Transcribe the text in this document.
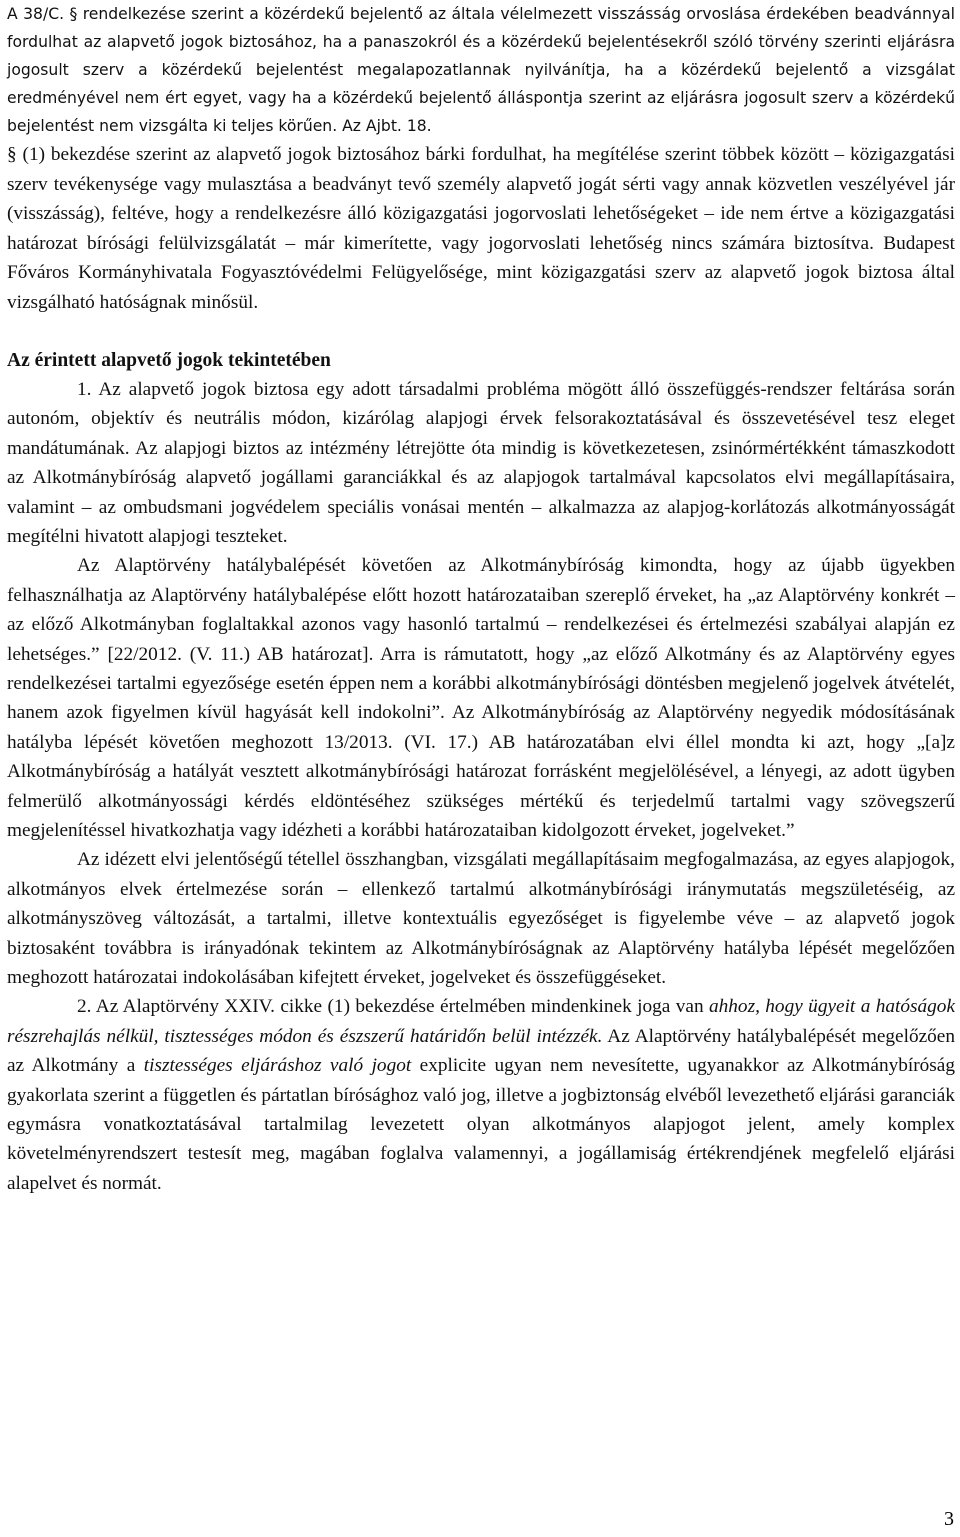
A 38/C. § rendelkezése szerint a közérdekű bejelentő az általa vélelmezett visszásság orvoslása érdekében beadvánnyal fordulhat az alapvető jogok biztosához, ha a panaszokról és a közérdekű bejelentésekről szóló törvény szerinti eljárásra jogosult szerv a közérdekű bejelentést megalapozatlannak nyilvánítja, ha a közérdekű bejelentő a vizsgálat eredményével nem ért egyet, vagy ha a közérdekű bejelentő álláspontja szerint az eljárásra jogosult szerv a közérdekű bejelentést nem vizsgálta ki teljes körűen. Az Ajbt. 18.

§ (1) bekezdése szerint az alapvető jogok biztosához bárki fordulhat, ha megítélése szerint többek között – közigazgatási szerv tevékenysége vagy mulasztása a beadványt tevő személy alapvető jogát sérti vagy annak közvetlen veszélyével jár (visszásság), feltéve, hogy a rendelkezésre álló közigazgatási jogorvoslati lehetőségeket – ide nem értve a közigazgatási határozat bírósági felülvizsgálatát – már kimerítette, vagy jogorvoslati lehetőség nincs számára biztosítva. Budapest Főváros Kormányhivatala Fogyasztóvédelmi Felügyelősége, mint közigazgatási szerv az alapvető jogok biztosa által vizsgálható hatóságnak minősül.

Az érintett alapvető jogok tekintetében

1. Az alapvető jogok biztosa egy adott társadalmi probléma mögött álló összefüggés-rendszer feltárása során autonóm, objektív és neutrális módon, kizárólag alapjogi érvek felsorakoztatásával és összevetésével tesz eleget mandátumának. Az alapjogi biztos az intézmény létrejötte óta mindig is következetesen, zsinórmértékként támaszkodott az Alkotmánybíróság alapvető jogállami garanciákkal és az alapjogok tartalmával kapcsolatos elvi megállapításaira, valamint – az ombudsmani jogvédelem speciális vonásai mentén – alkalmazza az alapjog-korlátozás alkotmányosságát megítélni hivatott alapjogi teszteket.

Az Alaptörvény hatálybalépését követően az Alkotmánybíróság kimondta, hogy az újabb ügyekben felhasználhatja az Alaptörvény hatálybalépése előtt hozott határozataiban szereplő érveket, ha „az Alaptörvény konkrét – az előző Alkotmányban foglaltakkal azonos vagy hasonló tartalmú – rendelkezései és értelmezési szabályai alapján ez lehetséges.” [22/2012. (V. 11.) AB határozat]. Arra is rámutatott, hogy „az előző Alkotmány és az Alaptörvény egyes rendelkezései tartalmi egyezősége esetén éppen nem a korábbi alkotmánybírósági döntésben megjelenő jogelvek átvételét, hanem azok figyelmen kívül hagyását kell indokolni”. Az Alkotmánybíróság az Alaptörvény negyedik módosításának hatályba lépését követően meghozott 13/2013. (VI. 17.) AB határozatában elvi éllel mondta ki azt, hogy „[a]z Alkotmánybíróság a hatályát vesztett alkotmánybírósági határozat forrásként megjelölésével, a lényegi, az adott ügyben felmerülő alkotmányossági kérdés eldöntéséhez szükséges mértékű és terjedelmű tartalmi vagy szövegszerű megjelenítéssel hivatkozhatja vagy idézheti a korábbi határozataiban kidolgozott érveket, jogelveket.”

Az idézett elvi jelentőségű tétellel összhangban, vizsgálati megállapításaim megfogalmazása, az egyes alapjogok, alkotmányos elvek értelmezése során – ellenkező tartalmú alkotmánybírósági iránymutatás megszületéséig, az alkotmányszöveg változását, a tartalmi, illetve kontextuális egyezőséget is figyelembe véve – az alapvető jogok biztosaként továbbra is irányadónak tekintem az Alkotmánybíróságnak az Alaptörvény hatályba lépését megelőzően meghozott határozatai indokolásában kifejtett érveket, jogelveket és összefüggéseket.

2. Az Alaptörvény XXIV. cikke (1) bekezdése értelmében mindenkinek joga van ahhoz, hogy ügyeit a hatóságok részrehajlás nélkül, tisztességes módon és észszerű határidőn belül intézzék. Az Alaptörvény hatálybalépését megelőzően az Alkotmány a tisztességes eljáráshoz való jogot explicite ugyan nem nevesítette, ugyanakkor az Alkotmánybíróság gyakorlata szerint a független és pártatlan bírósághoz való jog, illetve a jogbiztonság elvéből levezethető eljárási garanciák egymásra vonatkoztatásával tartalmilag levezetett olyan alkotmányos alapjogot jelent, amely komplex követelményrendszert testesít meg, magában foglalva valamennyi, a jogállamiság értékrendjének megfelelő eljárási alapelvet és normát.

3
